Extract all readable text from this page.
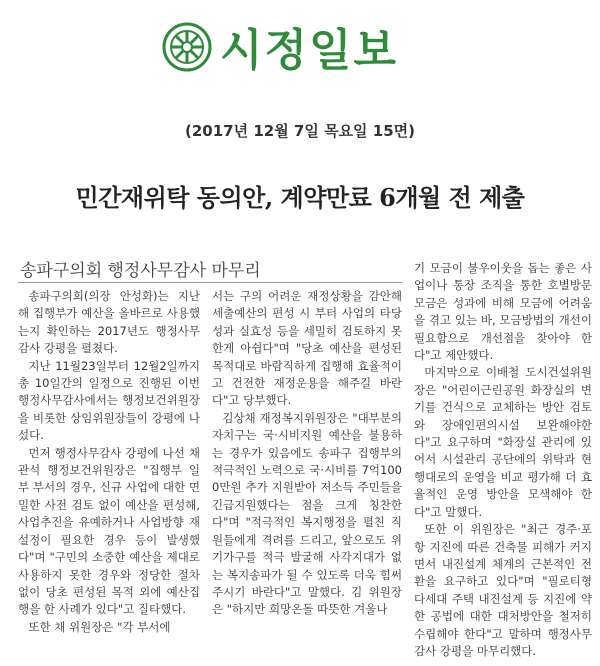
시정일보
(2017년 12월 7일 목요일 15면)
민간재위탁 동의안, 계약만료 6개월 전 제출
송파구의회 행정사무감사 마무리

송파구의회(의장 안성화)는 지난해 집행부가 예산을 올바르로 사용했는지 확인하는 2017년도 행정사무감사 강평을 펼쳤다.

지난 11월23일부터 12월2일까지 총 10일간의 일정으로 진행된 이번 행정사무감사에서는 행정보건위원장을 비롯한 상임위원장들이 강평에 나섰다.

먼저 행정사무감사 강평에 나선 채관석 행정보건위원장은 "집행부 일부 부서의 경우, 신규 사업에 대한 면밀한 사전 검토 없이 예산을 편성해, 사업추진을 유예하거나 사업방향 재설정이 필요한 경우 등이 발생했다"며 "구민의 소중한 예산을 제대로 사용하지 못한 경우와 정당한 절차 없이 당초 편성된 목적 외에 예산집행을 한 사례가 있다"고 질타했다.

또한 채 위원장은 "각 부서에

서는 구의 어려운 재정상황을 감안해 세출예산의 편성 시 부터 사업의 타당성과 실효성 등을 세밀히 검토하지 못한게 아쉽다"며 "당초 예산을 편성된 목적대로 바람직하게 집행해 효율적이고 건전한 재정운용을 해주길 바란다"고 당부했다.

김상채 재정복지위원장은 "대부분의 자치구는 국·시비지원 예산을 불용하는 경우가 있음에도 송파구 집행부의 적극적인 노력으로 국·시비를 7억1000만원 추가 지원받아 저소득 주민들을 긴급지원했다는 점을 크게 칭찬한다"며 "적극적인 복지행정을 펼친 직원들에게 격려를 드리고, 앞으로도 위기가구를 적극 발굴해 사각지대가 없는 복지송파가 될 수 있도록 더욱 힘써 주시기 바란다"고 말했다. 김 위원장은 "하지만 희망온돌 따뜻한 겨울나

기 모금이 불우이웃을 돕는 좋은 사업이나 통장 조직을 통한 호별방문 모금은 성과에 비해 모금에 어려움을 겪고 있는 바, 모금방법의 개선이 필요함으로 개선점을 찾아야 한다"고 제안했다.

마지막으로 이배철 도시건설위원장은 "어린이근린공원 화장실의 변기를 건식으로 교체하는 방안 검토와 장애인편의시설 보완해야한다"고 요구하며 "화장실 관리에 있어서 시설관리 공단에의 위탁과 현행대로의 운영을 비교 평가해 더 효율적인 운영 방안을 모색해야 한다"고 말했다.

또한 이 위원장은 "최근 경주·포항 지진에 따른 건축물 피해가 커지면서 내진설계 체계의 근본적인 전환을 요구하고 있다"며 "필로티형 다세대 주택 내진설계 등 지진에 약한 공법에 대한 대처방안을 철저히 수립해야 한다"고 말하며 행정사무감사 강평을 마무리했다.
